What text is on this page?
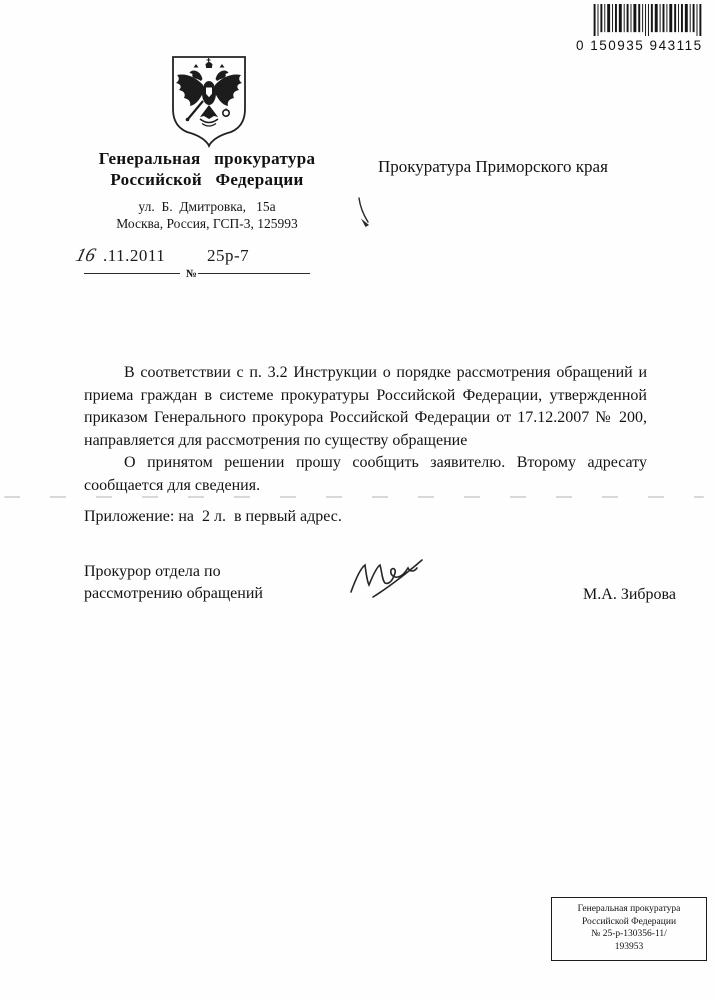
0 150935 943115
Генеральная прокуратура
Российской Федерации
ул.  Б.  Дмитровка,   15а
Москва, Россия, ГСП-3, 125993
16 .11.2011 25р-7
№
Прокуратура Приморского края

В соответствии с п. 3.2 Инструкции о порядке рассмотрения обращений и приема граждан в системе прокуратуры Российской Федерации, утвержденной приказом Генерального прокурора Российской Федерации от 17.12.2007 № 200, направляется для рассмотрения по существу обращение

О принятом решении прошу сообщить заявителю. Второму адресату сообщается для сведения.

Приложение: на  2 л.  в первый адрес.
Прокурор отдела по
рассмотрению обращений	М.А. Зиброва
Генеральная прокуратура
Российской Федерации
№ 25-р-130356-11/
193953
